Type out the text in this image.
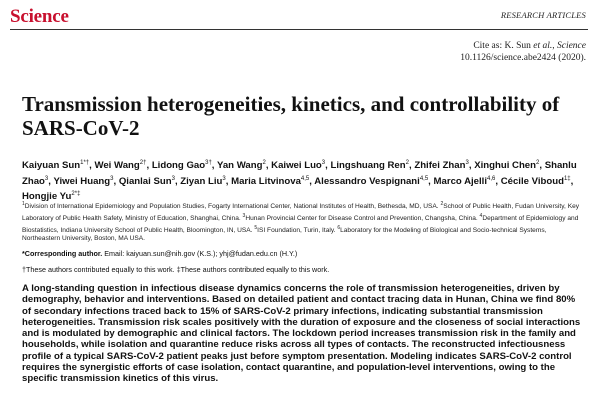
Science	RESEARCH ARTICLES
Cite as: K. Sun et al., Science
10.1126/science.abe2424 (2020).
Transmission heterogeneities, kinetics, and controllability of SARS-CoV-2
Kaiyuan Sun$^{1*\dagger}$, Wei Wang$^{2\dagger}$, Lidong Gao$^{3\dagger}$, Yan Wang$^2$, Kaiwei Luo$^3$, Lingshuang Ren$^2$, Zhifei Zhan$^3$, Xinghui Chen$^2$, Shanlu Zhao$^3$, Yiwei Huang$^3$, Qianlai Sun$^3$, Ziyan Liu$^3$, Maria Litvinova$^{4,5}$, Alessandro Vespignani$^{4,5}$, Marco Ajelli$^{4,6}$, Cécile Viboud$^{1\ddagger}$, Hongjie $Yu^{2*\ddagger}$
$^1$Division of International Epidemiology and Population Studies, Fogarty International Center, National Institutes of Health, Bethesda, MD, USA. $^2$School of Public Health, Fudan University, Key Laboratory of Public Health Safety, Ministry of Education, Shanghai, China. $^3$Hunan Provincial Center for Disease Control and Prevention, Changsha, China. $^4$Department of Epidemiology and Biostatistics, Indiana University School of Public Health, Bloomington, IN, USA. $^5$ISI Foundation, Turin, Italy. $^6$Laboratory for the Modeling of Biological and Socio-technical Systems, Northeastern University, Boston, MA USA.
*Corresponding author. Email: kaiyuan.sun@nih.gov (K.S.); yhj@fudan.edu.cn (H.Y.)
†These authors contributed equally to this work. ‡These authors contributed equally to this work.

A long-standing question in infectious disease dynamics concerns the role of transmission heterogeneities, driven by demography, behavior and interventions. Based on detailed patient and contact tracing data in Hunan, China we find 80% of secondary infections traced back to 15% of SARS-CoV-2 primary infections, indicating substantial transmission heterogeneities. Transmission risk scales positively with the duration of exposure and the closeness of social interactions and is modulated by demographic and clinical factors. The lockdown period increases transmission risk in the family and households, while isolation and quarantine reduce risks across all types of contacts. The reconstructed infectiousness profile of a typical SARS-CoV-2 patient peaks just before symptom presentation. Modeling indicates SARS-CoV-2 control requires the synergistic efforts of case isolation, contact quarantine, and population-level interventions, owing to the specific transmission kinetics of this virus.
